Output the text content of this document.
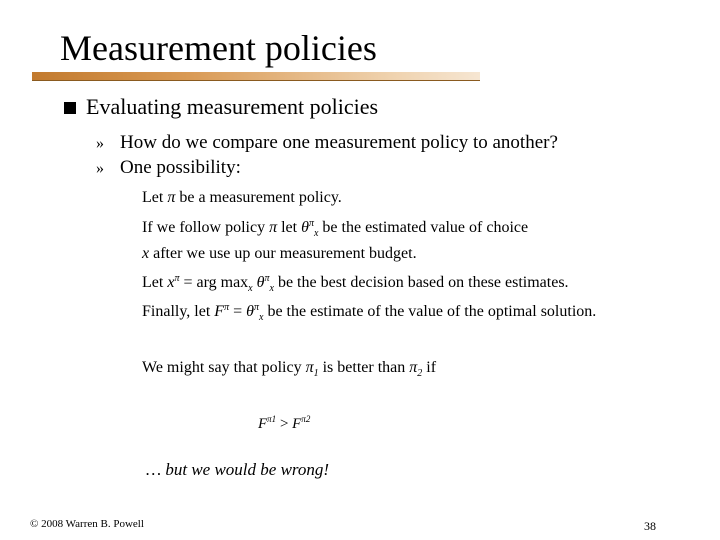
Measurement policies
Evaluating measurement policies
» How do we compare one measurement policy to another?
» One possibility:
Let π be a measurement policy.
If we follow policy π let $\theta^\pi_x$ be the estimated value of choice
x after we use up our measurement budget.
Let $x^\pi$ = arg $\max_x \theta^\pi_x$ be the best decision based on these estimates.
Finally, let $F^\pi = \theta^\pi_x$ be the estimate of the value of the optimal solution.
We might say that policy $\pi_1$ is better than $\pi_2$ if
$F^{\pi 1} > F^{\pi 2}$
… but we would be wrong!
© 2008 Warren B. Powell	38
